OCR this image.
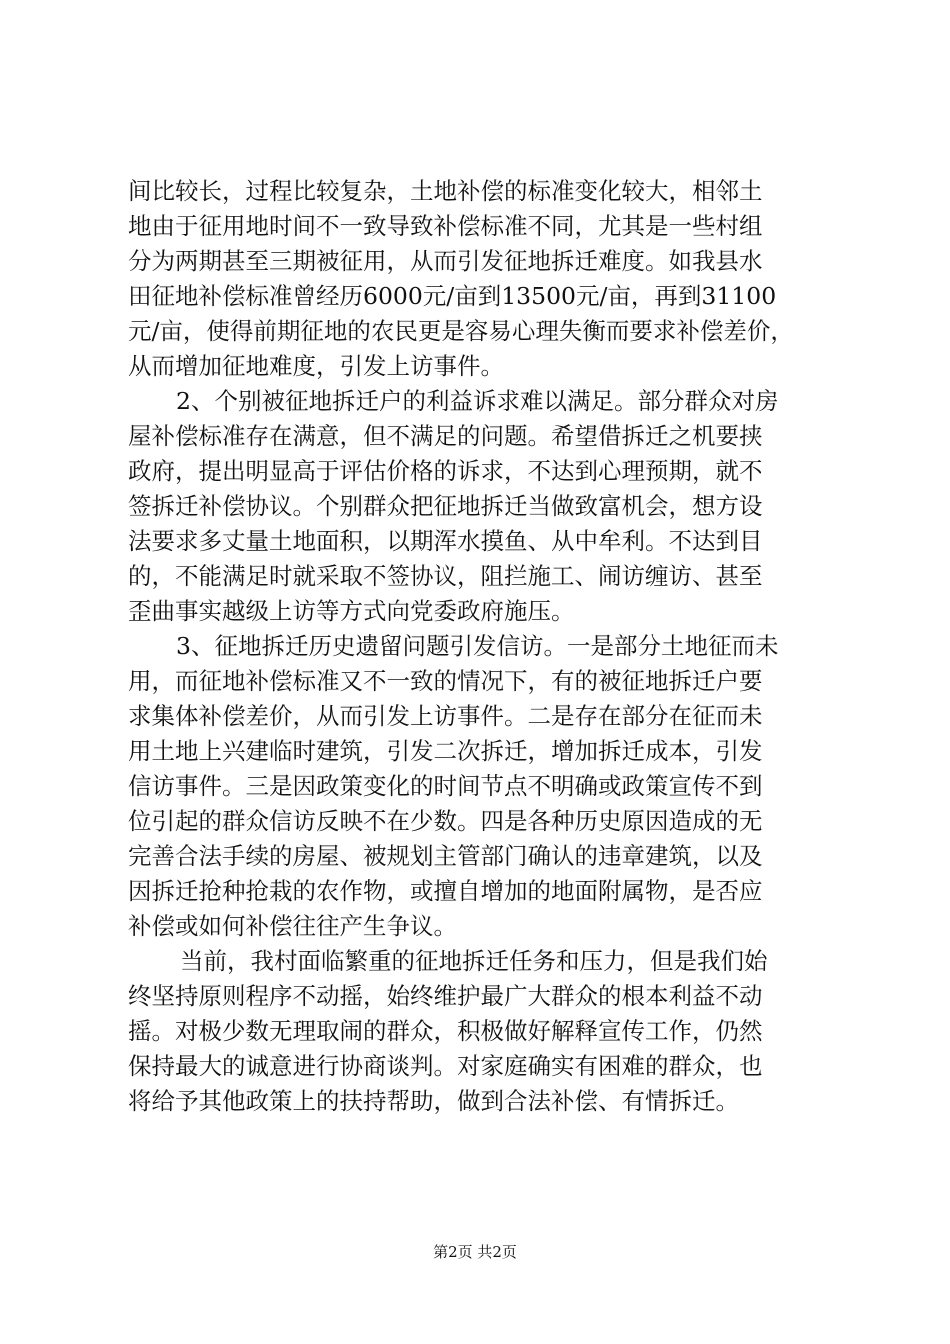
间比较长，过程比较复杂，土地补偿的标准变化较大，相邻土
地由于征用地时间不一致导致补偿标准不同，尤其是一些村组
分为两期甚至三期被征用，从而引发征地拆迁难度。如我县水
田征地补偿标准曾经历6000元/亩到13500元/亩，再到31100
元/亩，使得前期征地的农民更是容易心理失衡而要求补偿差价，
从而增加征地难度，引发上访事件。
2、个别被征地拆迁户的利益诉求难以满足。部分群众对房
屋补偿标准存在满意，但不满足的问题。希望借拆迁之机要挟
政府，提出明显高于评估价格的诉求，不达到心理预期，就不
签拆迁补偿协议。个别群众把征地拆迁当做致富机会，想方设
法要求多丈量土地面积，以期浑水摸鱼、从中牟利。不达到目
的，不能满足时就采取不签协议，阻拦施工、闹访缠访、甚至
歪曲事实越级上访等方式向党委政府施压。
3、征地拆迁历史遗留问题引发信访。一是部分土地征而未
用，而征地补偿标准又不一致的情况下，有的被征地拆迁户要
求集体补偿差价，从而引发上访事件。二是存在部分在征而未
用土地上兴建临时建筑，引发二次拆迁，增加拆迁成本，引发
信访事件。三是因政策变化的时间节点不明确或政策宣传不到
位引起的群众信访反映不在少数。四是各种历史原因造成的无
完善合法手续的房屋、被规划主管部门确认的违章建筑，以及
因拆迁抢种抢栽的农作物，或擅自增加的地面附属物，是否应
补偿或如何补偿往往产生争议。
当前，我村面临繁重的征地拆迁任务和压力，但是我们始
终坚持原则程序不动摇，始终维护最广大群众的根本利益不动
摇。对极少数无理取闹的群众，积极做好解释宣传工作，仍然
保持最大的诚意进行协商谈判。对家庭确实有困难的群众，也
将给予其他政策上的扶持帮助，做到合法补偿、有情拆迁。
第2页 共2页
